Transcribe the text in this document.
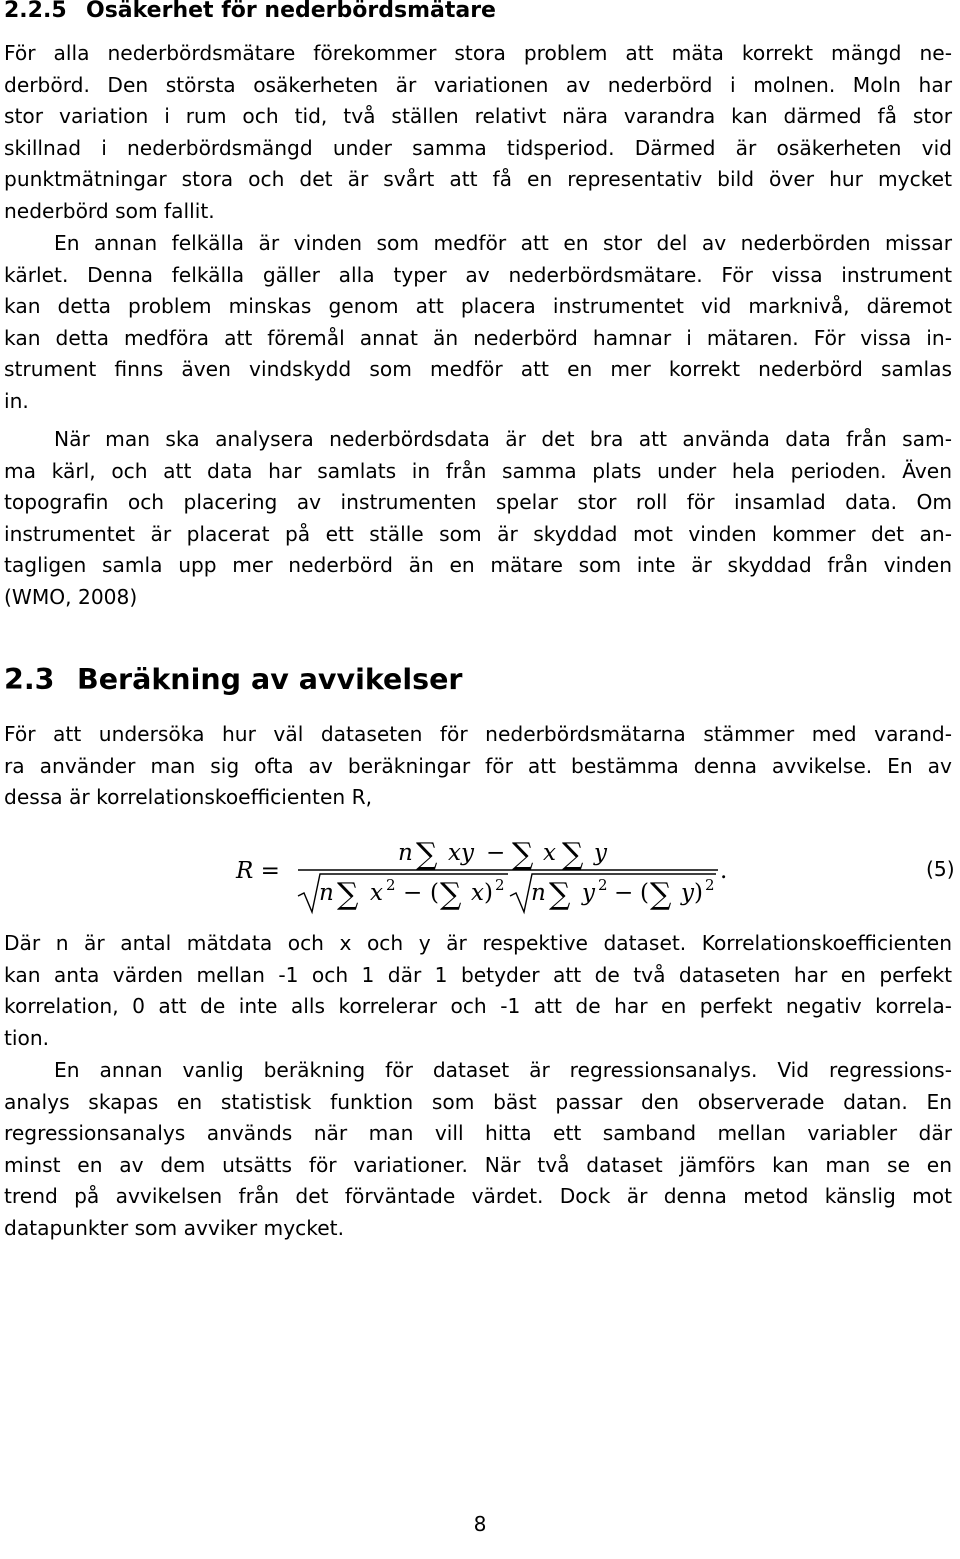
2.2.5 Osäkerhet för nederbördsmätare
För alla nederbördsmätare förekommer stora problem att mäta korrekt mängd ne-
derbörd. Den största osäkerheten är variationen av nederbörd i molnen. Moln har
stor variation i rum och tid, två ställen relativt nära varandra kan därmed få stor
skillnad i nederbördsmängd under samma tidsperiod. Därmed är osäkerheten vid
punktmätningar stora och det är svårt att få en representativ bild över hur mycket
nederbörd som fallit.
En annan felkälla är vinden som medför att en stor del av nederbörden missar
kärlet. Denna felkälla gäller alla typer av nederbördsmätare. För vissa instrument
kan detta problem minskas genom att placera instrumentet vid marknivå, däremot
kan detta medföra att föremål annat än nederbörd hamnar i mätaren. För vissa in-
strument finns även vindskydd som medför att en mer korrekt nederbörd samlas
in.
När man ska analysera nederbördsdata är det bra att använda data från sam-
ma kärl, och att data har samlats in från samma plats under hela perioden. Även
topografin och placering av instrumenten spelar stor roll för insamlad data. Om
instrumentet är placerat på ett ställe som är skyddad mot vinden kommer det an-
tagligen samla upp mer nederbörd än en mätare som inte är skyddad från vinden
(WMO, 2008)
2.3 Beräkning av avvikelser
För att undersöka hur väl dataseten för nederbördsmätarna stämmer med varand-
ra använder man sig ofta av beräkningar för att bestämma denna avvikelse. En av
dessa är korrelationskoefficienten R,
R =
n ∑ xy − ∑ x ∑ y
n ∑ x 2 − ( ∑ x ) 2 n ∑ y 2 − ( ∑ y ) 2
.	(5)
Där n är antal mätdata och x och y är respektive dataset. Korrelationskoefficienten
kan anta värden mellan -1 och 1 där 1 betyder att de två dataseten har en perfekt
korrelation, 0 att de inte alls korrelerar och -1 att de har en perfekt negativ korrela-
tion.
En annan vanlig beräkning för dataset är regressionsanalys. Vid regressions-
analys skapas en statistisk funktion som bäst passar den observerade datan. En
regressionsanalys används när man vill hitta ett samband mellan variabler där
minst en av dem utsätts för variationer. När två dataset jämförs kan man se en
trend på avvikelsen från det förväntade värdet. Dock är denna metod känslig mot
datapunkter som avviker mycket.
8
